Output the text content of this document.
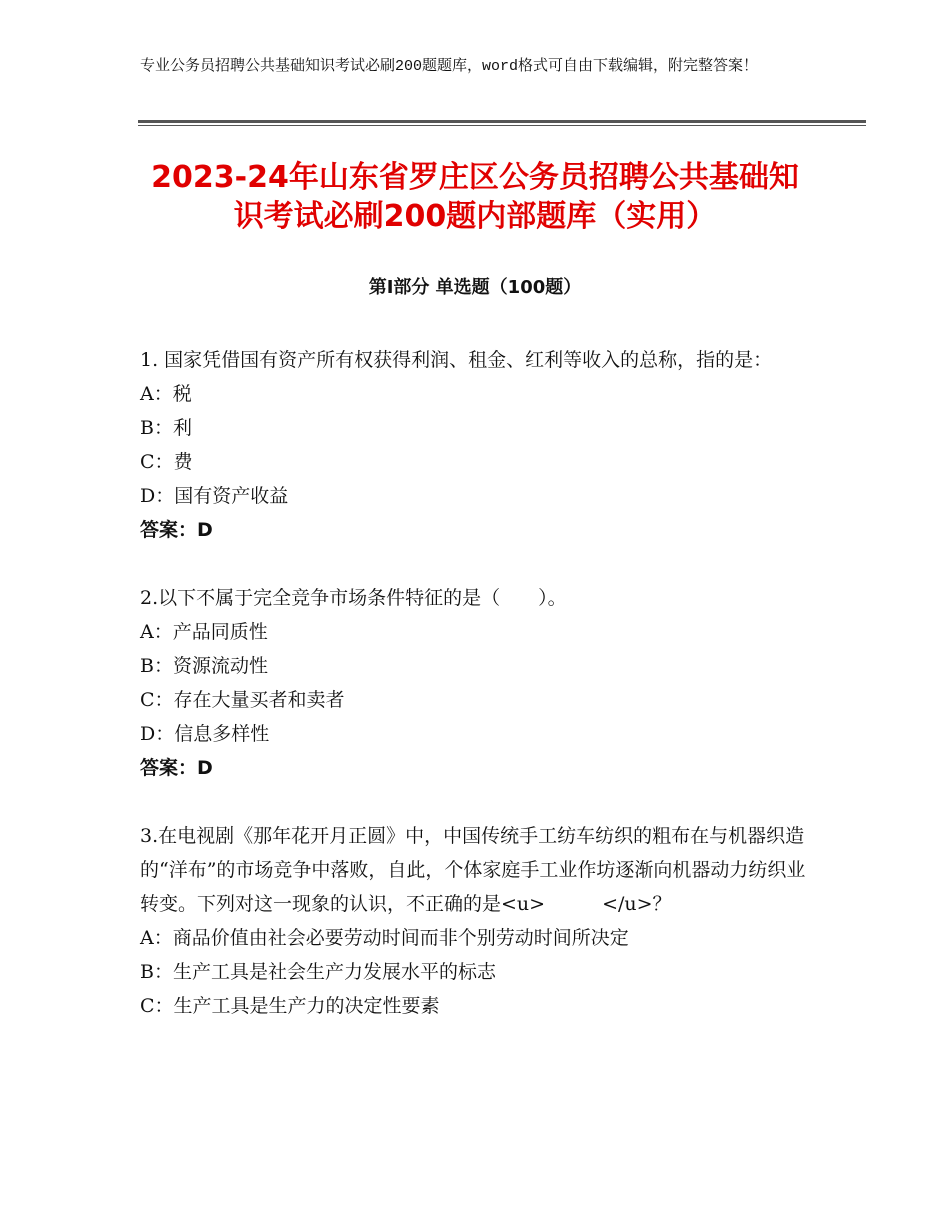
专业公务员招聘公共基础知识考试必刷200题题库，word格式可自由下载编辑，附完整答案！
2023-24年山东省罗庄区公务员招聘公共基础知识考试必刷200题内部题库（实用）
第Ⅰ部分 单选题（100题）

1. 国家凭借国有资产所有权获得利润、租金、红利等收入的总称，指的是：

A：税

B：利

C：费

D：国有资产收益

答案：D

2.以下不属于完全竞争市场条件特征的是（　　）。

A：产品同质性

B：资源流动性

C：存在大量买者和卖者

D：信息多样性

答案：D

3.在电视剧《那年花开月正圆》中，中国传统手工纺车纺织的粗布在与机器织造的“洋布”的市场竞争中落败，自此，个体家庭手工业作坊逐渐向机器动力纺织业转变。下列对这一现象的认识，不正确的是<u>　　　</u>？

A：商品价值由社会必要劳动时间而非个别劳动时间所决定

B：生产工具是社会生产力发展水平的标志

C：生产工具是生产力的决定性要素
